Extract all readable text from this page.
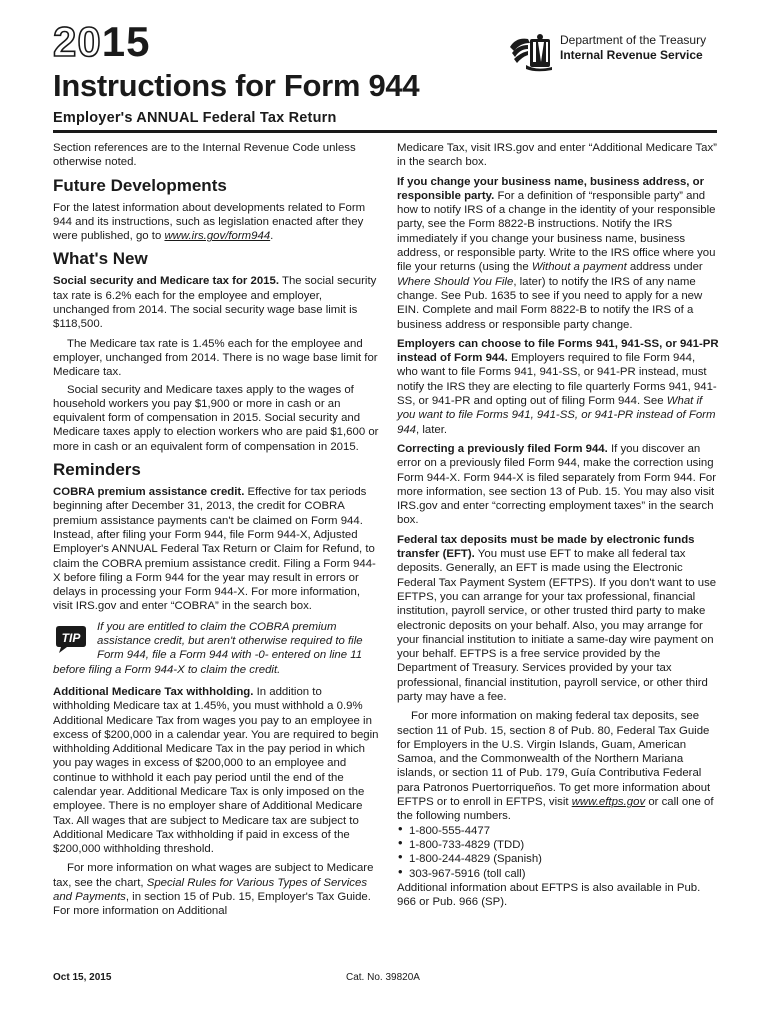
2015
Instructions for Form 944
Employer's ANNUAL Federal Tax Return
Department of the Treasury
Internal Revenue Service

Section references are to the Internal Revenue Code unless otherwise noted.

Future Developments

For the latest information about developments related to Form 944 and its instructions, such as legislation enacted after they were published, go to www.irs.gov/form944.

What's New

Social security and Medicare tax for 2015. The social security tax rate is 6.2% each for the employee and employer, unchanged from 2014. The social security wage base limit is $118,500.

The Medicare tax rate is 1.45% each for the employee and employer, unchanged from 2014. There is no wage base limit for Medicare tax.

Social security and Medicare taxes apply to the wages of household workers you pay $1,900 or more in cash or an equivalent form of compensation in 2015. Social security and Medicare taxes apply to election workers who are paid $1,600 or more in cash or an equivalent form of compensation in 2015.

Reminders

COBRA premium assistance credit. Effective for tax periods beginning after December 31, 2013, the credit for COBRA premium assistance payments can't be claimed on Form 944. Instead, after filing your Form 944, file Form 944-X, Adjusted Employer's ANNUAL Federal Tax Return or Claim for Refund, to claim the COBRA premium assistance credit. Filing a Form 944-X before filing a Form 944 for the year may result in errors or delays in processing your Form 944-X. For more information, visit IRS.gov and enter “COBRA” in the search box.

TIP
If you are entitled to claim the COBRA premium assistance credit, but aren't otherwise required to file Form 944, file a Form 944 with -0- entered on line 11 before filing a Form 944-X to claim the credit.

Additional Medicare Tax withholding. In addition to withholding Medicare tax at 1.45%, you must withhold a 0.9% Additional Medicare Tax from wages you pay to an employee in excess of $200,000 in a calendar year. You are required to begin withholding Additional Medicare Tax in the pay period in which you pay wages in excess of $200,000 to an employee and continue to withhold it each pay period until the end of the calendar year. Additional Medicare Tax is only imposed on the employee. There is no employer share of Additional Medicare Tax. All wages that are subject to Medicare tax are subject to Additional Medicare Tax withholding if paid in excess of the $200,000 withholding threshold.

For more information on what wages are subject to Medicare tax, see the chart, Special Rules for Various Types of Services and Payments, in section 15 of Pub. 15, Employer's Tax Guide. For more information on Additional

Medicare Tax, visit IRS.gov and enter “Additional Medicare Tax” in the search box.

If you change your business name, business address, or responsible party. For a definition of “responsible party” and how to notify IRS of a change in the identity of your responsible party, see the Form 8822-B instructions. Notify the IRS immediately if you change your business name, business address, or responsible party. Write to the IRS office where you file your returns (using the Without a payment address under Where Should You File, later) to notify the IRS of any name change. See Pub. 1635 to see if you need to apply for a new EIN. Complete and mail Form 8822-B to notify the IRS of a business address or responsible party change.

Employers can choose to file Forms 941, 941-SS, or 941-PR instead of Form 944. Employers required to file Form 944, who want to file Forms 941, 941-SS, or 941-PR instead, must notify the IRS they are electing to file quarterly Forms 941, 941-SS, or 941-PR and opting out of filing Form 944. See What if you want to file Forms 941, 941-SS, or 941-PR instead of Form 944, later.

Correcting a previously filed Form 944. If you discover an error on a previously filed Form 944, make the correction using Form 944-X. Form 944-X is filed separately from Form 944. For more information, see section 13 of Pub. 15. You may also visit IRS.gov and enter “correcting employment taxes” in the search box.

Federal tax deposits must be made by electronic funds transfer (EFT). You must use EFT to make all federal tax deposits. Generally, an EFT is made using the Electronic Federal Tax Payment System (EFTPS). If you don't want to use EFTPS, you can arrange for your tax professional, financial institution, payroll service, or other trusted third party to make electronic deposits on your behalf. Also, you may arrange for your financial institution to initiate a same-day wire payment on your behalf. EFTPS is a free service provided by the Department of Treasury. Services provided by your tax professional, financial institution, payroll service, or other third party may have a fee.

For more information on making federal tax deposits, see section 11 of Pub. 15, section 8 of Pub. 80, Federal Tax Guide for Employers in the U.S. Virgin Islands, Guam, American Samoa, and the Commonwealth of the Northern Mariana islands, or section 11 of Pub. 179, Guía Contributiva Federal para Patronos Puertorriqueños. To get more information about EFTPS or to enroll in EFTPS, visit www.eftps.gov or call one of the following numbers.

• 1-800-555-4477
• 1-800-733-4829 (TDD)
• 1-800-244-4829 (Spanish)
• 303-967-5916 (toll call)

Additional information about EFTPS is also available in Pub. 966 or Pub. 966 (SP).

Oct 15, 2015	Cat. No. 39820A
